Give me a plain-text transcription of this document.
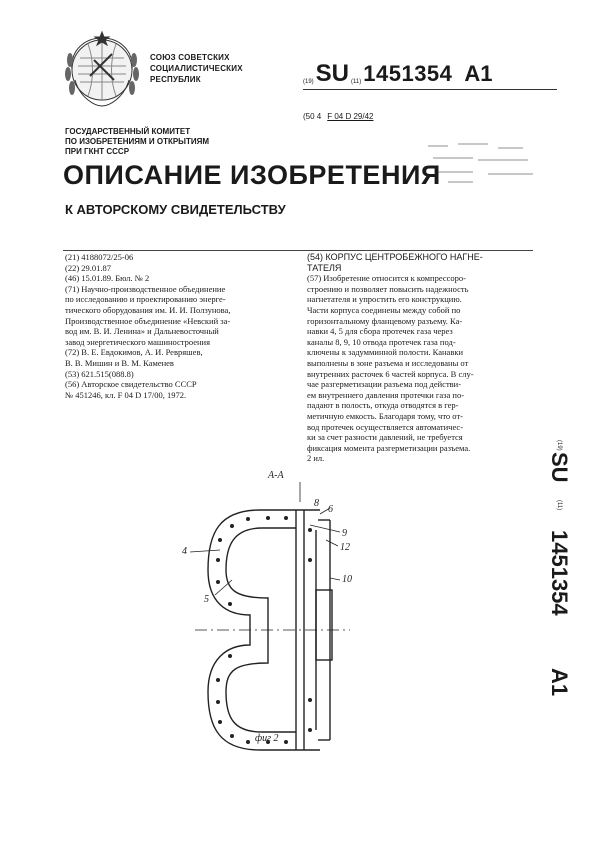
СОЮЗ СОВЕТСКИХ
СОЦИАЛИСТИЧЕСКИХ
РЕСПУБЛИК	(19)SU (11)1451354 A1
(50 4 F 04 D 29/42
ГОСУДАРСТВЕННЫЙ КОМИТЕТ
ПО ИЗОБРЕТЕНИЯМ И ОТКРЫТИЯМ
ПРИ ГКНТ СССР
ОПИСАНИЕ ИЗОБРЕТЕНИЯ
К АВТОРСКОМУ СВИДЕТЕЛЬСТВУ
(21) 4188072/25-06
(22) 29.01.87
(46) 15.01.89. Бюл. № 2
(71) Научно-производственное объединение
по исследованию и проектированию энерге-
тического оборудования им. И. И. Ползунова,
Производственное объединение «Невский за-
вод им. В. И. Ленина» и Дальневосточный
завод энергетического машиностроения
(72) В. Е. Евдокимов, А. И. Ревряшев,
В. В. Мишин и В. М. Каменев
(53) 621.515(088.8)
(56) Авторское свидетельство СССР
№ 451246, кл. F 04 D 17/00, 1972.
(54) КОРПУС ЦЕНТРОБЕЖНОГО НАГНЕ-
ТАТЕЛЯ
(57) Изобретение относится к компрессоро-
строению и позволяет повысить надежность
нагнетателя и упростить его конструкцию.
Части корпуса соединены между собой по
горизонтальному фланцевому разъему. Ка-
навки 4, 5 для сбора протечек газа через
каналы 8, 9, 10 отвода протечек газа под-
ключены к задумминной полости. Канавки
выполнены в зоне разъема и исследованы от
внутренних расточек 6 частей корпуса. В слу-
чае разгерметизации разъема под действи-
ем внутреннего давления протечки газа по-
падают в полость, откуда отводятся в гер-
метичную емкость. Благодаря тому, что от-
вод протечек осуществляется автоматичес-
ки за счет разности давлений, не требуется
фиксация момента разгерметизации разъема.
2 ил.
(19)
SU
(11)
1451354
A1
A-A
4
5
8
9
12
10
6
фиг 2
